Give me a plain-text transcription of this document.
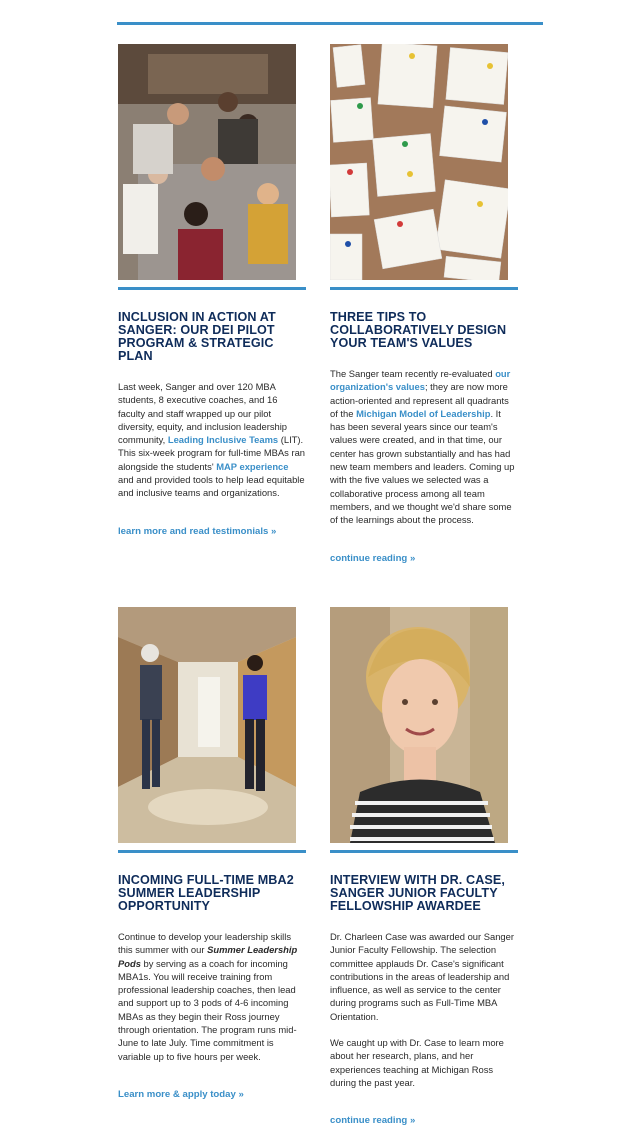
INCLUSION IN ACTION AT SANGER: OUR DEI PILOT PROGRAM & STRATEGIC PLAN

Last week, Sanger and over 120 MBA students, 8 executive coaches, and 16 faculty and staff wrapped up our pilot diversity, equity, and inclusion leadership community, Leading Inclusive Teams (LIT). This six-week program for full-time MBAs ran alongside the students' MAP experience and and provided tools to help lead equitable and inclusive teams and organizations.

learn more and read testimonials »
THREE TIPS TO COLLABORATIVELY DESIGN YOUR TEAM'S VALUES

The Sanger team recently re-evaluated our organization's values; they are now more action-oriented and represent all quadrants of the Michigan Model of Leadership. It has been several years since our team's values were created, and in that time, our center has grown substantially and has had new team members and leaders. Coming up with the five values we selected was a collaborative process among all team members, and we thought we'd share some of the learnings about the process.

continue reading »
INCOMING FULL-TIME MBA2 SUMMER LEADERSHIP OPPORTUNITY

Continue to develop your leadership skills this summer with our Summer Leadership Pods by serving as a coach for incoming MBA1s. You will receive training from professional leadership coaches, then lead and support up to 3 pods of 4-6 incoming MBAs as they begin their Ross journey through orientation. The program runs mid-June to late July. Time commitment is variable up to five hours per week.

Learn more & apply today »
INTERVIEW WITH DR. CASE, SANGER JUNIOR FACULTY FELLOWSHIP AWARDEE

Dr. Charleen Case was awarded our Sanger Junior Faculty Fellowship. The selection committee applauds Dr. Case's significant contributions in the areas of leadership and influence, as well as service to the center during programs such as Full-Time MBA Orientation.

We caught up with Dr. Case to learn more about her research, plans, and her experiences teaching at Michigan Ross during the past year.

continue reading »
